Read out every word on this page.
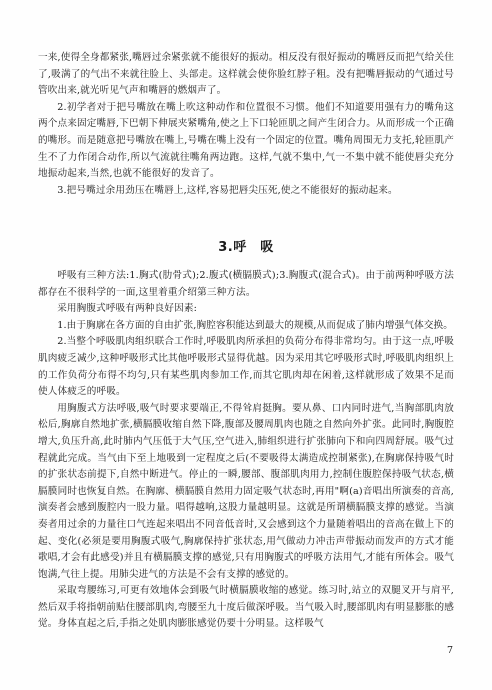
一来,使得全身都紧张,嘴唇过余紧张就不能很好的振动。相反没有很好振动的嘴唇反而把气给关住了,吸满了的气出不来就往脸上、头部走。这样就会使你脸红脖子粗。没有把嘴唇振动的气通过号管吹出来,就光听见气声和嘴唇的燃烟声了。

2.初学者对于把号嘴放在嘴上吹这种动作和位置很不习惯。他们不知道要用强有力的嘴角这两个点来固定嘴唇,下巴朝下伸展夹紧嘴角,使之上下口轮匝肌之间产生闭合力。从而形成一个正确的嘴形。而是随意把号嘴放在嘴上,号嘴在嘴上没有一个固定的位置。嘴角周围无力支托,轮匝肌产生不了力作闭合动作,所以气流就往嘴角两边跑。这样,气就不集中,气一不集中就不能使唇尖充分地振动起来,当然,也就不能很好的发音了。

3.把号嘴过余用劲压在嘴唇上,这样,容易把唇尖压死,使之不能很好的振动起来。

3.呼　吸

呼吸有三种方法:1.胸式(肋骨式);2.腹式(横膈膜式);3.胸腹式(混合式)。由于前两种呼吸方法都存在不很科学的一面,这里着重介绍第三种方法。

采用胸腹式呼吸有两种良好因素:

1.由于胸廓在各方面的自由扩张,胸腔容积能达到最大的规模,从而促成了肺内增强气体交换。

2.当整个呼吸肌肉组织联合工作时,呼吸肌肉所承担的负荷分布得非常均匀。由于这一点,呼吸肌肉疲乏减少,这种呼吸形式比其他呼吸形式显得优越。因为采用其它呼吸形式时,呼吸肌肉组织上的工作负荷分布得不均匀,只有某些肌肉参加工作,而其它肌肉却在闲着,这样就形成了效果不足而使人体疲乏的呼吸。

用胸腹式方法呼吸,吸气时要求要端正,不得耸肩挺胸。要从鼻、口内同时进气,当胸部肌肉放松后,胸廓自然地扩张,横膈膜收缩自然下降,腹部及腰周肌肉也随之自然向外扩张。此同时,胸腹腔增大,负压升高,此时肺内气压低于大气压,空气进入,肺组织进行扩张肺向下和向四周舒展。吸气过程就此完成。当气由下至上地吸到一定程度之后(不要吸得太满造成控制紧张),在胸廓保持吸气时的扩张状态前提下,自然中断进气。停止的一瞬,腰部、腹部肌肉用力,控制住腹腔保持吸气状态,横膈膜同时也恢复自然。在胸廓、横膈膜自然用力固定吸气状态时,再用"啊(a)音唱出所演奏的音高,演奏者会感到腹腔内一股力量。唱得越响,这股力量越明显。这就是所谓横膈膜支撑的感觉。当演奏者用过余的力量往口气连起来唱出不同音低音时,又会感到这个力量随着唱出的音高在做上下的起、变化(必须是要用胸腹式吸气,胸廓保持扩张状态,用气做动力冲击声带振动而发声的方式才能歌唱,才会有此感受)并且有横膈膜支撑的感觉,只有用胸腹式的呼吸方法用气,才能有所体会。吸气饱满,气往上提。用肺尖进气的方法是不会有支撑的感觉的。

采取弯腰练习,可更有效地体会到吸气时横膈膜收缩的感觉。练习时,站立的双腿叉开与肩平,然后双手将指朝前贴住腰部肌肉,弯腰至九十度后做深呼吸。当气吸入时,腰部肌肉有明显膨胀的感觉。身体直起之后,手指之处肌肉膨胀感觉仍要十分明显。这样吸气

7
